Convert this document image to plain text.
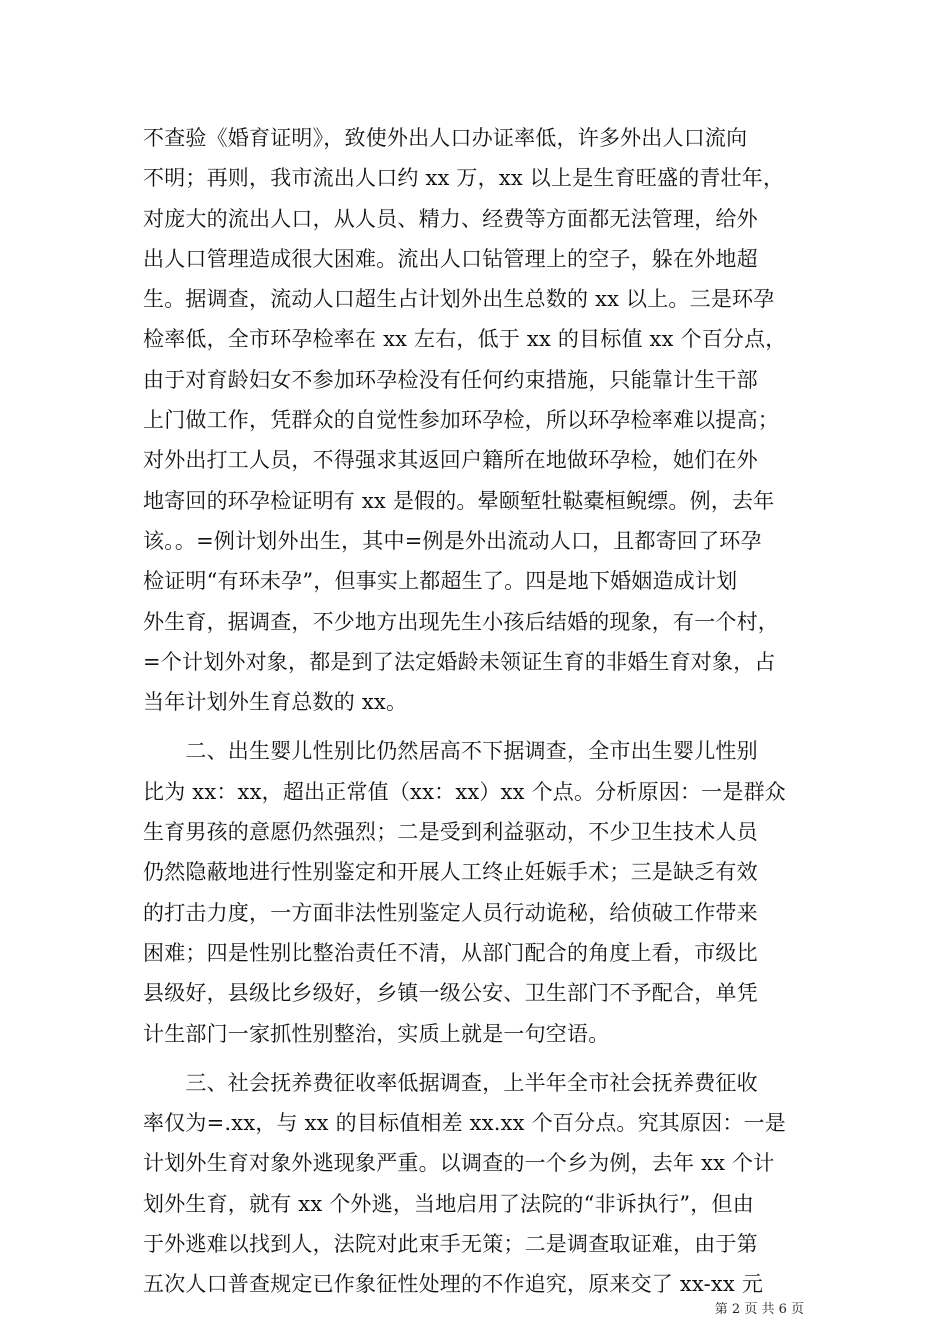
不查验《婚育证明》，致使外出人口办证率低，许多外出人口流向
不明；再则，我市流出人口约 xx 万，xx 以上是生育旺盛的青壮年，
对庞大的流出人口，从人员、精力、经费等方面都无法管理，给外
出人口管理造成很大困难。流出人口钻管理上的空子，躲在外地超
生。据调查，流动人口超生占计划外出生总数的 xx 以上。三是环孕
检率低，全市环孕检率在 xx 左右，低于 xx 的目标值 xx 个百分点，
由于对育龄妇女不参加环孕检没有任何约束措施，只能靠计生干部
上门做工作，凭群众的自觉性参加环孕检，所以环孕检率难以提高；
对外出打工人员，不得强求其返回户籍所在地做环孕检，她们在外
地寄回的环孕检证明有 xx 是假的。晕颐堑牡鞑橐桓鲵缥。例，去年
该。。=例计划外出生，其中=例是外出流动人口，且都寄回了环孕
检证明“有环未孕”，但事实上都超生了。四是地下婚姻造成计划
外生育，据调查，不少地方出现先生小孩后结婚的现象，有一个村，
=个计划外对象，都是到了法定婚龄未领证生育的非婚生育对象，占
当年计划外生育总数的 xx。
　　二、出生婴儿性别比仍然居高不下据调查，全市出生婴儿性别
比为 xx：xx，超出正常值（xx：xx）xx 个点。分析原因：一是群众
生育男孩的意愿仍然强烈；二是受到利益驱动，不少卫生技术人员
仍然隐蔽地进行性别鉴定和开展人工终止妊娠手术；三是缺乏有效
的打击力度，一方面非法性别鉴定人员行动诡秘，给侦破工作带来
困难；四是性别比整治责任不清，从部门配合的角度上看，市级比
县级好，县级比乡级好，乡镇一级公安、卫生部门不予配合，单凭
计生部门一家抓性别整治，实质上就是一句空语。
　　三、社会抚养费征收率低据调查，上半年全市社会抚养费征收
率仅为=.xx，与 xx 的目标值相差 xx.xx 个百分点。究其原因：一是
计划外生育对象外逃现象严重。以调查的一个乡为例，去年 xx 个计
划外生育，就有 xx 个外逃，当地启用了法院的“非诉执行”，但由
于外逃难以找到人，法院对此束手无策；二是调查取证难，由于第
五次人口普查规定已作象征性处理的不作追究，原来交了 xx-xx 元
第 2 页 共 6 页
